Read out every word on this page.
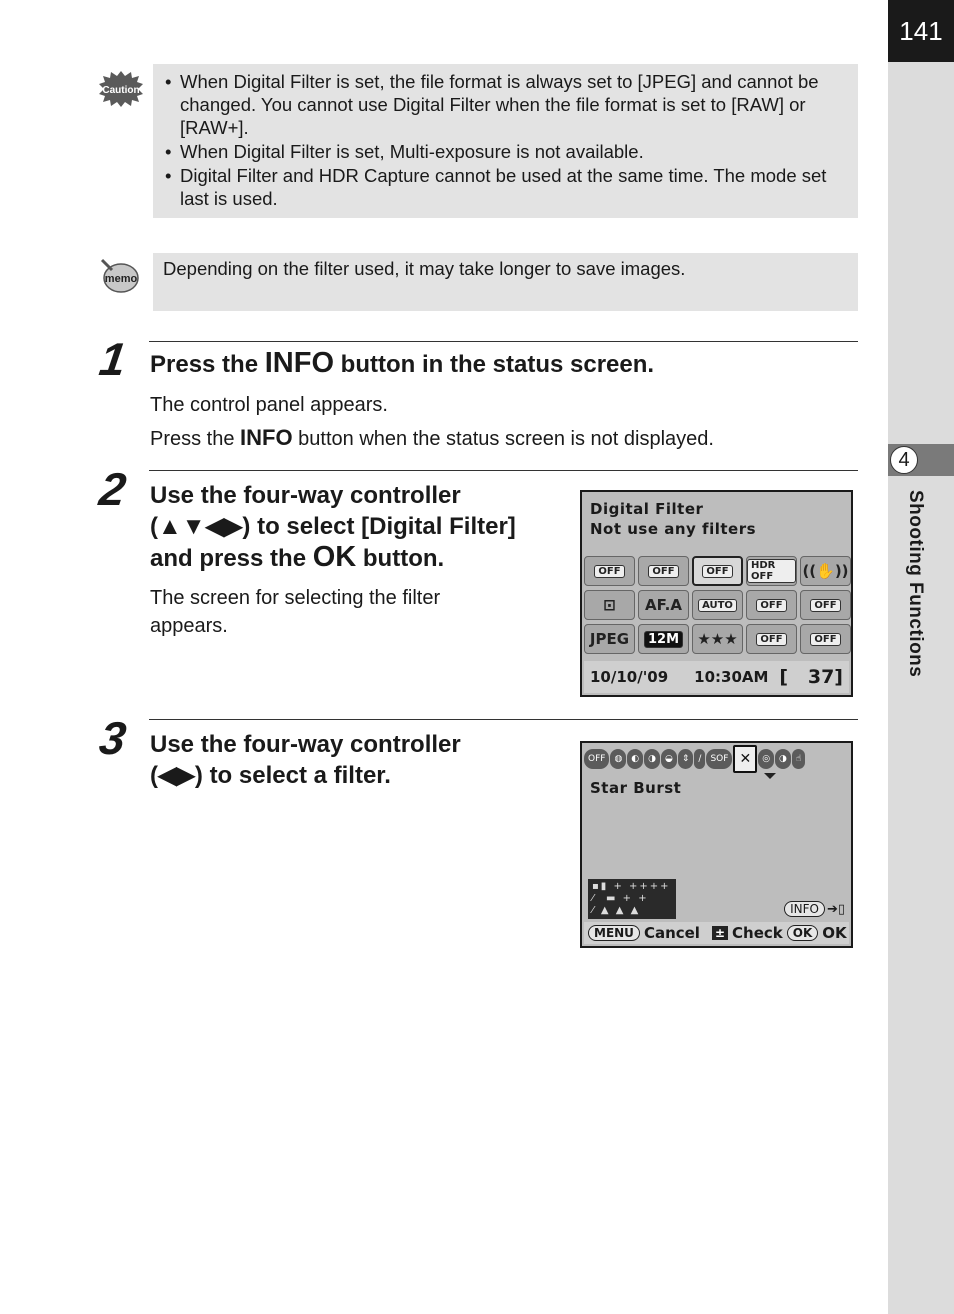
141
4
Shooting Functions
Caution
•	When Digital Filter is set, the file format is always set to [JPEG] and cannot be changed. You cannot use Digital Filter when the file format is set to [RAW] or [RAW+].
• When Digital Filter is set, Multi-exposure is not available.
• Digital Filter and HDR Capture cannot be used at the same time. The mode set last is used.
memo	Depending on the filter used, it may take longer to save images.
1 Press the INFO button in the status screen.
The control panel appears.
Press the INFO button when the status screen is not displayed.
2 Use the four-way controller
(▲▼◀▶) to select [Digital Filter]
and press the OK button.
The screen for selecting the filter appears.
Digital Filter
Not use any filters
OFF	OFF	OFF	HDR OFF	((✋))
⊡ AF.A	AUTO	OFF	OFF
JPEG	12M ★★★	OFF	OFF
10/10/'09 10:30AM [   37]
3 Use the four-way controller
(◀▶) to select a filter.
OFF	◍	◐	◑	◒	⇕	∕	SOF ✕	◎	◑	☝
Star Burst
▪▮ + ++++
⁄  ▬ + +
⁄ ▲ ▲ ▲	INFO ➔▯
MENU Cancel ± Check OK OK
